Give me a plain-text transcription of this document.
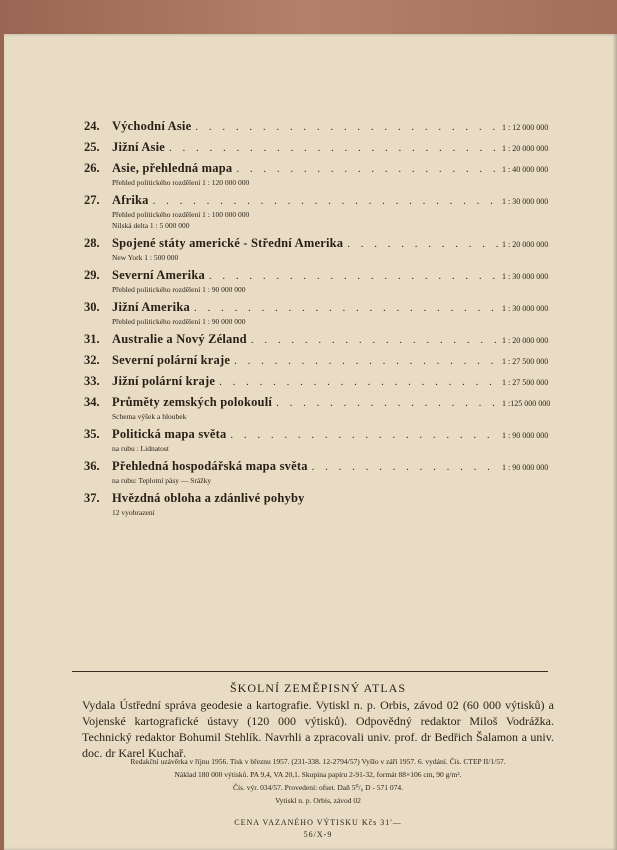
24. Východní Asie . . .	1 : 12 000 000
25. Jižní Asie . . .	1 : 20 000 000
26. Asie, přehledná mapa . . .	1 : 40 000 000
Přehled politického rozdělení 1 : 120 000 000
27. Afrika . . .	1 : 30 000 000
Přehled politického rozdělení 1 : 100 000 000
Nilská delta 1 : 5 000 000
28. Spojené státy americké - Střední Amerika . . .	1 : 20 000 000
New York 1 : 500 000
29. Severní Amerika . . .	1 : 30 000 000
Přehled politického rozdělení 1 : 90 000 000
30. Jižní Amerika . . .	1 : 30 000 000
Přehled politického rozdělení 1 : 90 000 000
31. Australie a Nový Zéland . . .	1 : 20 000 000
32. Severní polární kraje . . .	1 : 27 500 000
33. Jižní polární kraje . . .	1 : 27 500 000
34. Průměty zemských polokoulí . . .	1 :125 000 000
Schema výšek a hloubek
35. Politická mapa světa . . .	1 : 90 000 000
na rubu : Lidnatost
36. Přehledná hospodářská mapa světa . . .	1 : 90 000 000
na rubu: Teplotní pásy — Srážky
37. Hvězdná obloha a zdánlivé pohyby
12 vyobrazení
ŠKOLNÍ ZEMĚPISNÝ ATLAS
Vydala Ústřední správa geodesie a kartografie. Vytiskl n. p. Orbis, závod 02 (60 000 výtisků) a Vojenské kartografické ústavy (120 000 výtisků). Odpovědný redaktor Miloš Vodrážka. Technický redaktor Bohumil Stehlík. Navrhli a zpracovali univ. prof. dr Bedřich Šalamon a univ. doc. dr Karel Kuchař.
Redakční uzávěrka v říjnu 1956. Tisk v březnu 1957. (231-338. 12-2794/57) Vyšlo v září 1957. 6. vydání. Čís. CTEP II/1/57.
Náklad 180 000 výtisků. PA 9,4, VA 20,1. Skupina papíru 2-91-32, formát 88×106 cm, 90 g/m².
Čís. výr. 034/57. Provedení: ofset. Daň 5⁰/₀ D - 571 074.
Vytiskl n. p. Orbis, závod 02
CENA VAZANÉHO VÝTISKU Kčs 31'—
56/X-9
